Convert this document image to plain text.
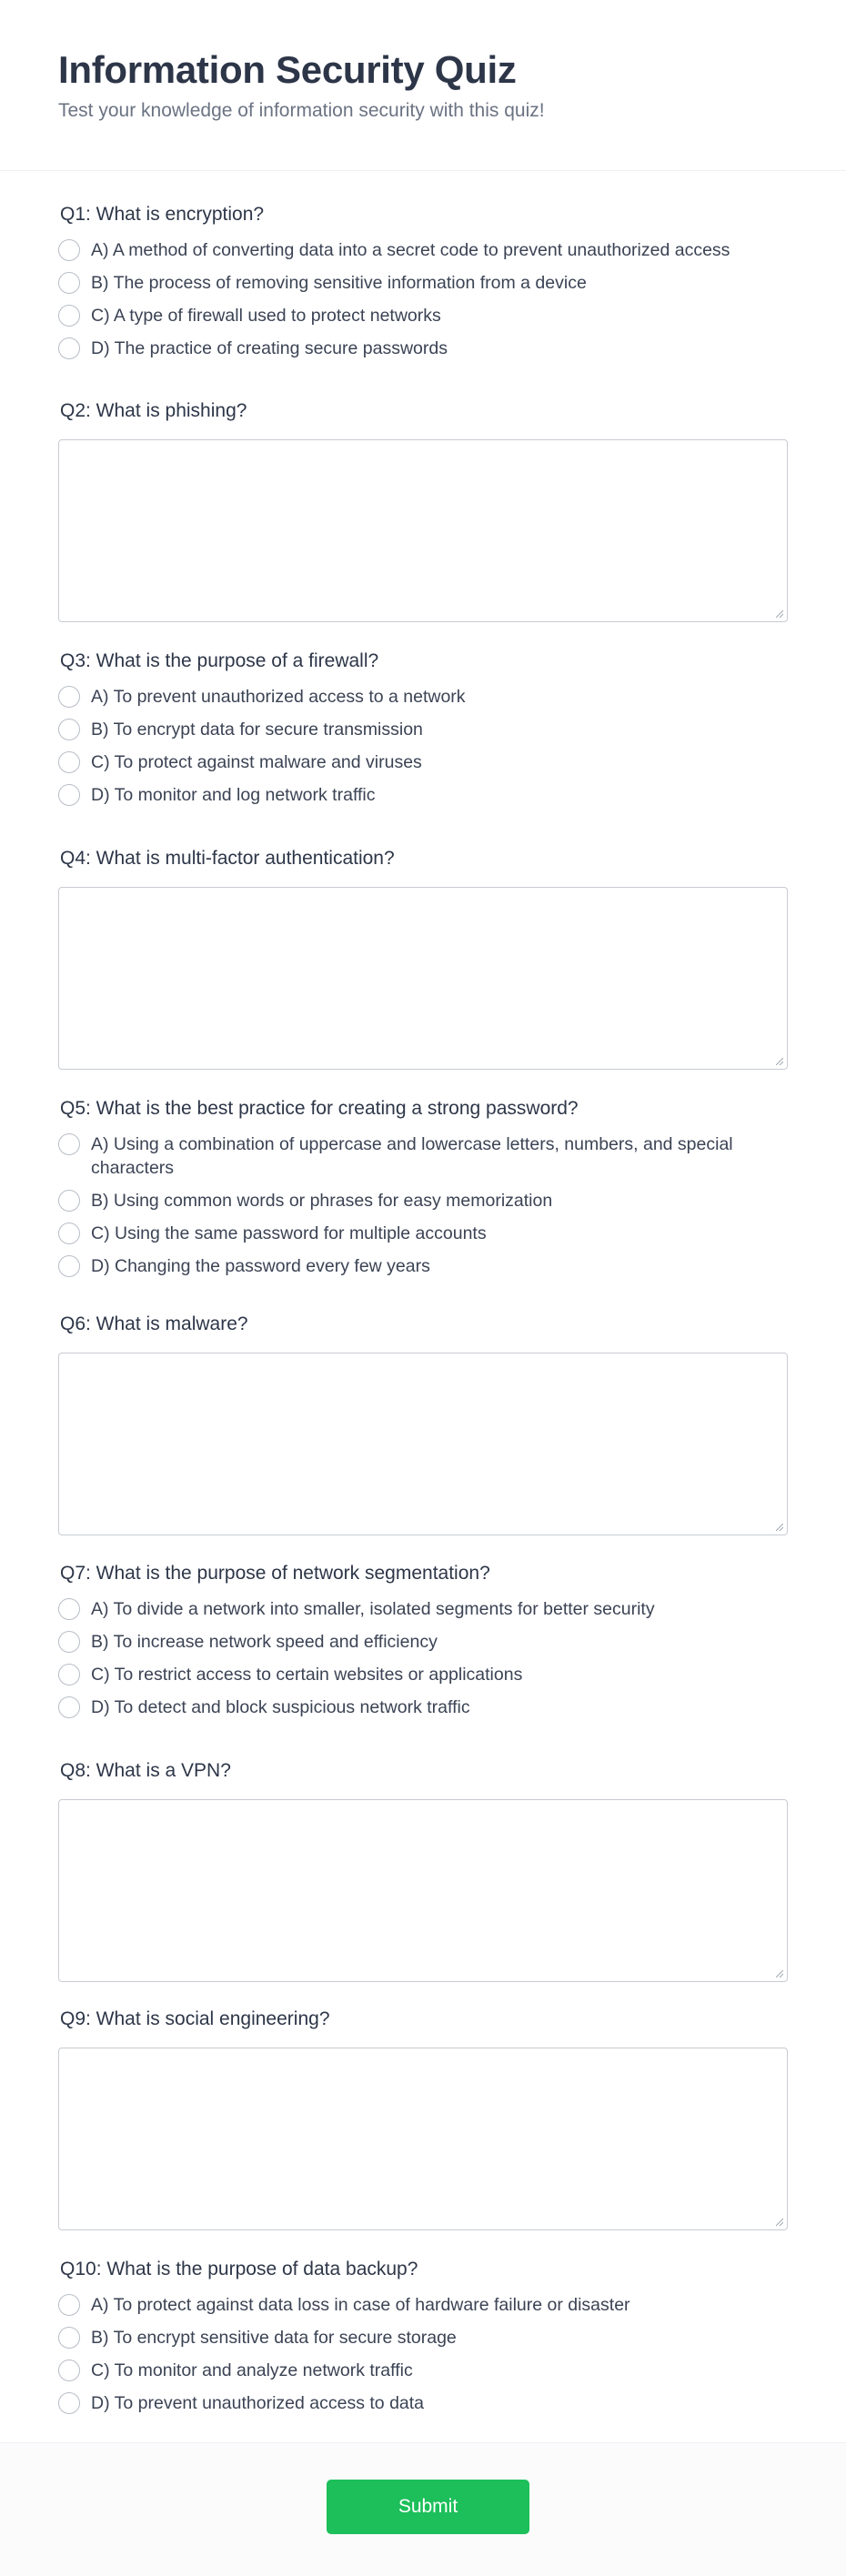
Information Security Quiz
Test your knowledge of information security with this quiz!
Q1: What is encryption?
A) A method of converting data into a secret code to prevent unauthorized access
B) The process of removing sensitive information from a device
C) A type of firewall used to protect networks
D) The practice of creating secure passwords
Q2: What is phishing?
Q3: What is the purpose of a firewall?
A) To prevent unauthorized access to a network
B) To encrypt data for secure transmission
C) To protect against malware and viruses
D) To monitor and log network traffic
Q4: What is multi-factor authentication?
Q5: What is the best practice for creating a strong password?
A) Using a combination of uppercase and lowercase letters, numbers, and special characters
B) Using common words or phrases for easy memorization
C) Using the same password for multiple accounts
D) Changing the password every few years
Q6: What is malware?
Q7: What is the purpose of network segmentation?
A) To divide a network into smaller, isolated segments for better security
B) To increase network speed and efficiency
C) To restrict access to certain websites or applications
D) To detect and block suspicious network traffic
Q8: What is a VPN?
Q9: What is social engineering?
Q10: What is the purpose of data backup?
A) To protect against data loss in case of hardware failure or disaster
B) To encrypt sensitive data for secure storage
C) To monitor and analyze network traffic
D) To prevent unauthorized access to data
Submit
